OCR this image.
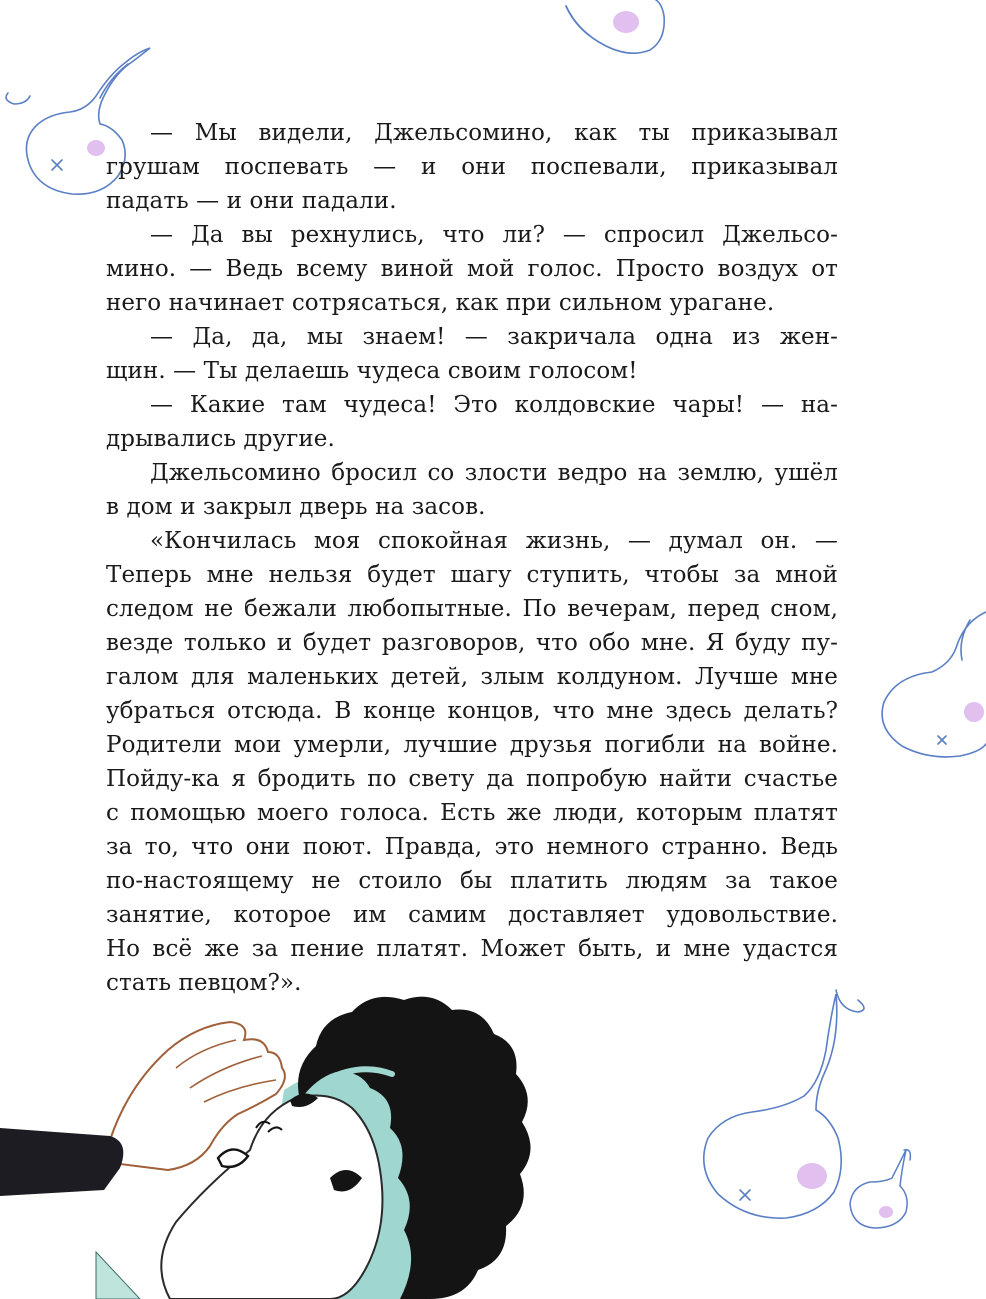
— Мы видели, Джельсомино, как ты приказывал
грушам поспевать — и они поспевали, приказывал
падать — и они падали.
— Да вы рехнулись, что ли? — спросил Джельсо-
мино. — Ведь всему виной мой голос. Просто воздух от
него начинает сотрясаться, как при сильном урагане.
— Да, да, мы знаем! — закричала одна из жен-
щин. — Ты делаешь чудеса своим голосом!
— Какие там чудеса! Это колдовские чары! — на-
дрывались другие.
Джельсомино бросил со злости ведро на землю, ушёл
в дом и закрыл дверь на засов.
«Кончилась моя спокойная жизнь, — думал он. —
Теперь мне нельзя будет шагу ступить, чтобы за мной
следом не бежали любопытные. По вечерам, перед сном,
везде только и будет разговоров, что обо мне. Я буду пу-
галом для маленьких детей, злым колдуном. Лучше мне
убраться отсюда. В конце концов, что мне здесь делать?
Родители мои умерли, лучшие друзья погибли на войне.
Пойду-ка я бродить по свету да попробую найти счастье
с помощью моего голоса. Есть же люди, которым платят
за то, что они поют. Правда, это немного странно. Ведь
по-настоящему не стоило бы платить людям за такое
занятие, которое им самим доставляет удовольствие.
Но всё же за пение платят. Может быть, и мне удастся
стать певцом?».
